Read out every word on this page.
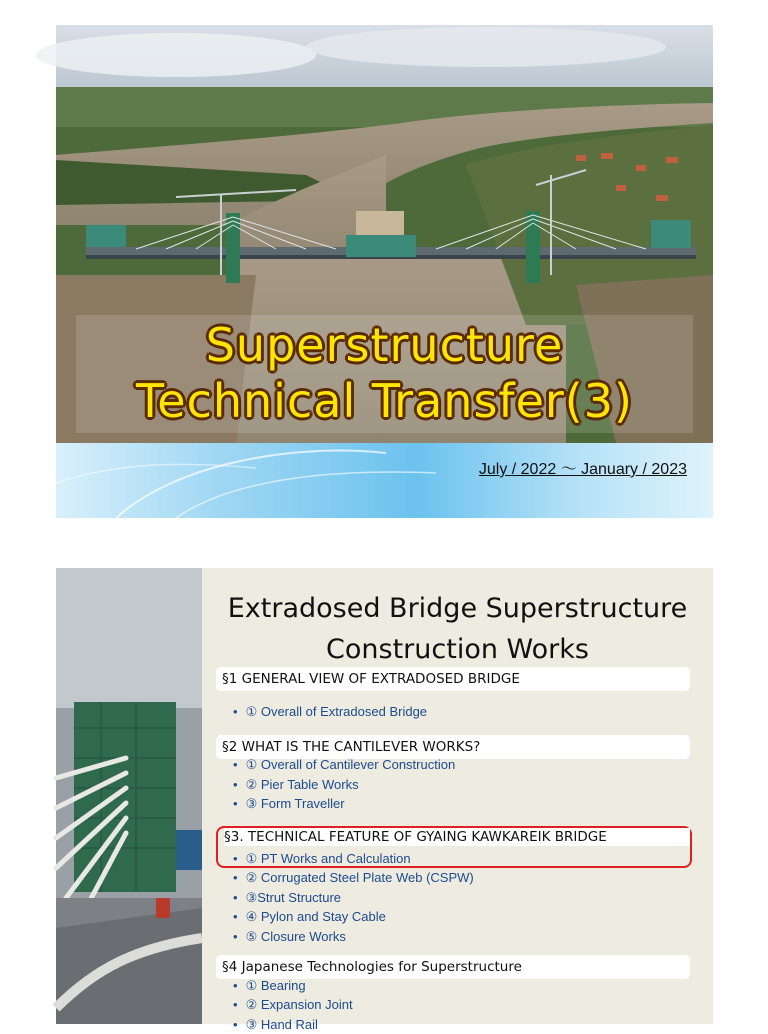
Superstructure
Technical Transfer(3)
July / 2022 ～ January / 2023
Extradosed Bridge Superstructure
Construction Works
§1 GENERAL VIEW OF EXTRADOSED BRIDGE
• ① Overall of Extradosed Bridge
§2 WHAT IS THE CANTILEVER WORKS?
• ① Overall of Cantilever Construction
• ② Pier Table Works
• ③ Form Traveller
§3. TECHNICAL FEATURE OF GYAING KAWKAREIK BRIDGE
• ① PT Works and Calculation
• ② Corrugated Steel Plate Web (CSPW)
• ③Strut Structure
• ④ Pylon and Stay Cable
• ⑤ Closure Works
§4 Japanese Technologies for Superstructure
• ① Bearing
• ② Expansion Joint
• ③ Hand Rail
